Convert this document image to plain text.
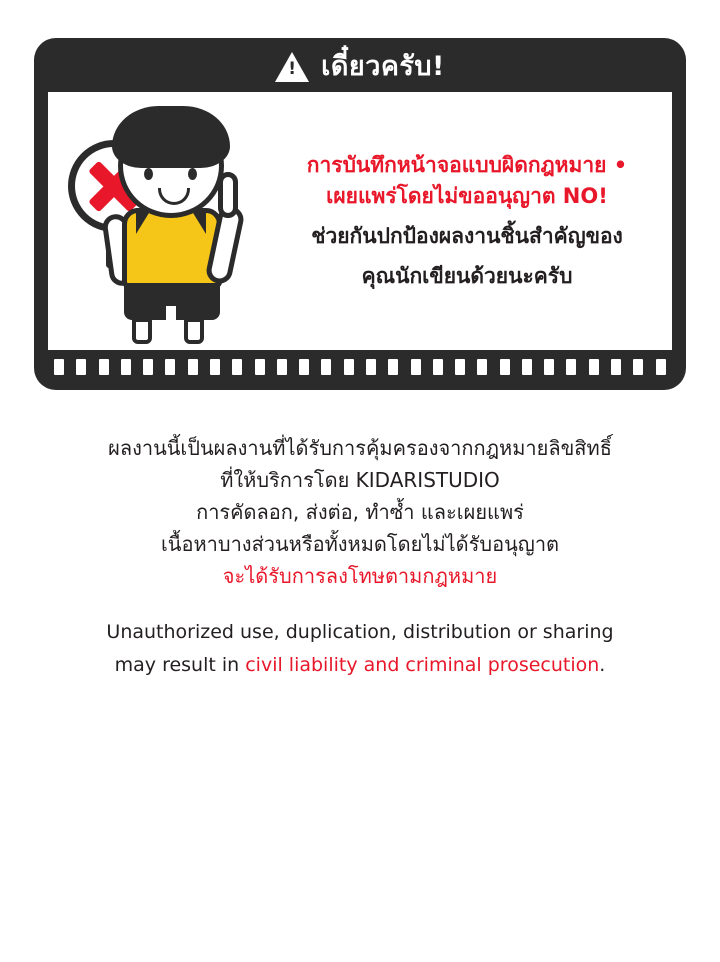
! เดี๋ยวครับ!
การบันทึกหน้าจอแบบผิดกฎหมาย •
เผยแพร่โดยไม่ขออนุญาต NO!
ช่วยกันปกป้องผลงานชิ้นสำคัญของ
คุณนักเขียนด้วยนะครับ
ผลงานนี้เป็นผลงานที่ได้รับการคุ้มครองจากกฎหมายลิขสิทธิ์
ที่ให้บริการโดย KIDARISTUDIO
การคัดลอก, ส่งต่อ, ทำซ้ำ และเผยแพร่
เนื้อหาบางส่วนหรือทั้งหมดโดยไม่ได้รับอนุญาต
จะได้รับการลงโทษตามกฎหมาย
Unauthorized use, duplication, distribution or sharing
may result in civil liability and criminal prosecution.
